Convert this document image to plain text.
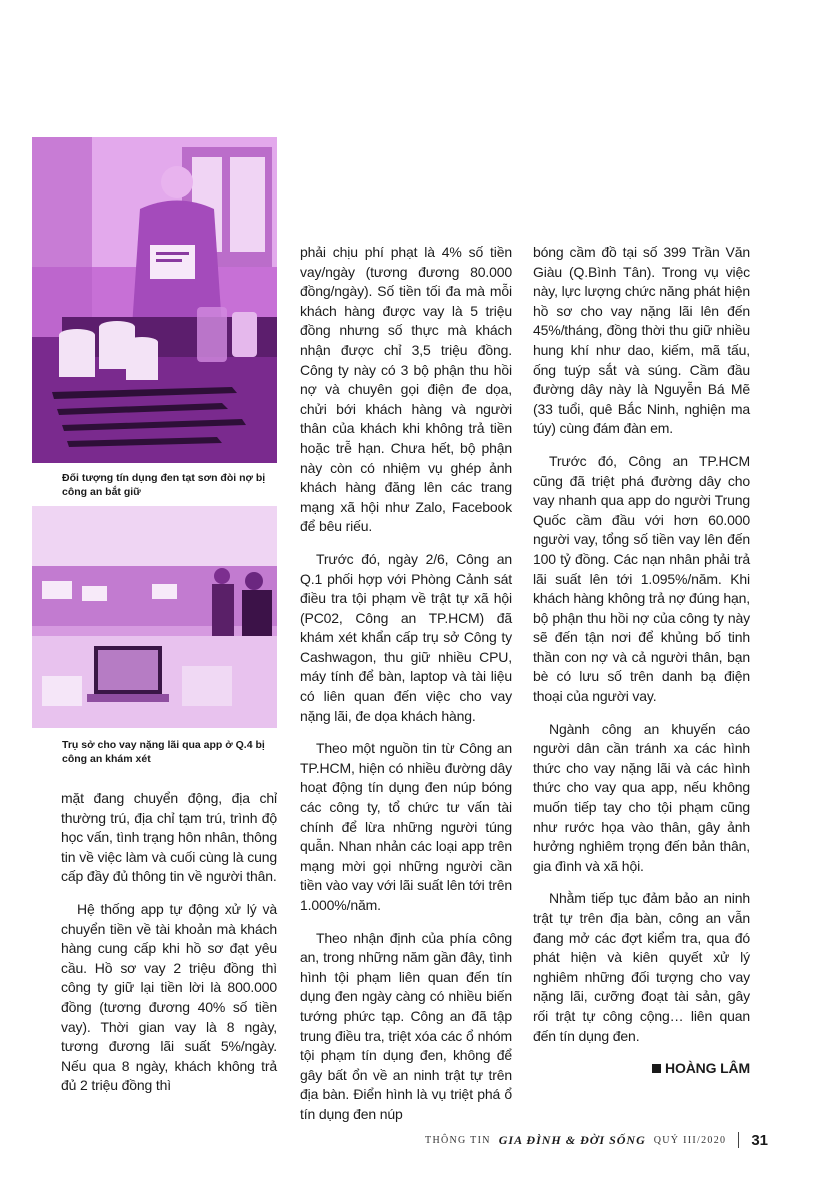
Đối tượng tín dụng đen tạt sơn đòi nợ bị công an bắt giữ
Trụ sở cho vay nặng lãi qua app ở Q.4 bị công an khám xét

mặt đang chuyển động, địa chỉ thường trú, địa chỉ tạm trú, trình độ học vấn, tình trạng hôn nhân, thông tin về việc làm và cuối cùng là cung cấp đầy đủ thông tin về người thân.

Hệ thống app tự động xử lý và chuyển tiền về tài khoản mà khách hàng cung cấp khi hồ sơ đạt yêu cầu. Hồ sơ vay 2 triệu đồng thì công ty giữ lại tiền lời là 800.000 đồng (tương đương 40% số tiền vay). Thời gian vay là 8 ngày, tương đương lãi suất 5%/ngày. Nếu qua 8 ngày, khách không trả đủ 2 triệu đồng thì

phải chịu phí phạt là 4% số tiền vay/ngày (tương đương 80.000 đồng/ngày). Số tiền tối đa mà mỗi khách hàng được vay là 5 triệu đồng nhưng số thực mà khách nhận được chỉ 3,5 triệu đồng. Công ty này có 3 bộ phận thu hồi nợ và chuyên gọi điện đe dọa, chửi bới khách hàng và người thân của khách khi không trả tiền hoặc trễ hạn. Chưa hết, bộ phận này còn có nhiệm vụ ghép ảnh khách hàng đăng lên các trang mạng xã hội như Zalo, Facebook để bêu riếu.

Trước đó, ngày 2/6, Công an Q.1 phối hợp với Phòng Cảnh sát điều tra tội phạm về trật tự xã hội (PC02, Công an TP.HCM) đã khám xét khẩn cấp trụ sở Công ty Cashwagon, thu giữ nhiều CPU, máy tính để bàn, laptop và tài liệu có liên quan đến việc cho vay nặng lãi, đe dọa khách hàng.

Theo một nguồn tin từ Công an TP.HCM, hiện có nhiều đường dây hoạt động tín dụng đen núp bóng các công ty, tổ chức tư vấn tài chính để lừa những người túng quẫn. Nhan nhản các loại app trên mạng mời gọi những người cần tiền vào vay với lãi suất lên tới trên 1.000%/năm.

Theo nhận định của phía công an, trong những năm gần đây, tình hình tội phạm liên quan đến tín dụng đen ngày càng có nhiều biến tướng phức tạp. Công an đã tập trung điều tra, triệt xóa các ổ nhóm tội phạm tín dụng đen, không để gây bất ổn về an ninh trật tự trên địa bàn. Điển hình là vụ triệt phá ổ tín dụng đen núp

bóng cầm đồ tại số 399 Trần Văn Giàu (Q.Bình Tân). Trong vụ việc này, lực lượng chức năng phát hiện hồ sơ cho vay nặng lãi lên đến 45%/tháng, đồng thời thu giữ nhiều hung khí như dao, kiếm, mã tấu, ống tuýp sắt và súng. Cầm đầu đường dây này là Nguyễn Bá Mẽ (33 tuổi, quê Bắc Ninh, nghiện ma túy) cùng đám đàn em.

Trước đó, Công an TP.HCM cũng đã triệt phá đường dây cho vay nhanh qua app do người Trung Quốc cầm đầu với hơn 60.000 người vay, tổng số tiền vay lên đến 100 tỷ đồng. Các nạn nhân phải trả lãi suất lên tới 1.095%/năm. Khi khách hàng không trả nợ đúng hạn, bộ phận thu hồi nợ của công ty này sẽ đến tận nơi để khủng bố tinh thần con nợ và cả người thân, bạn bè có lưu số trên danh bạ điện thoại của người vay.

Ngành công an khuyến cáo người dân cần tránh xa các hình thức cho vay nặng lãi và các hình thức cho vay qua app, nếu không muốn tiếp tay cho tội phạm cũng như rước họa vào thân, gây ảnh hưởng nghiêm trọng đến bản thân, gia đình và xã hội.

Nhằm tiếp tục đảm bảo an ninh trật tự trên địa bàn, công an vẫn đang mở các đợt kiểm tra, qua đó phát hiện và kiên quyết xử lý nghiêm những đối tượng cho vay nặng lãi, cưỡng đoạt tài sản, gây rối trật tự công cộng… liên quan đến tín dụng đen.

HOÀNG LÂM

THÔNG TIN GIA ĐÌNH & ĐỜI SỐNG QUÝ III/2020 31
